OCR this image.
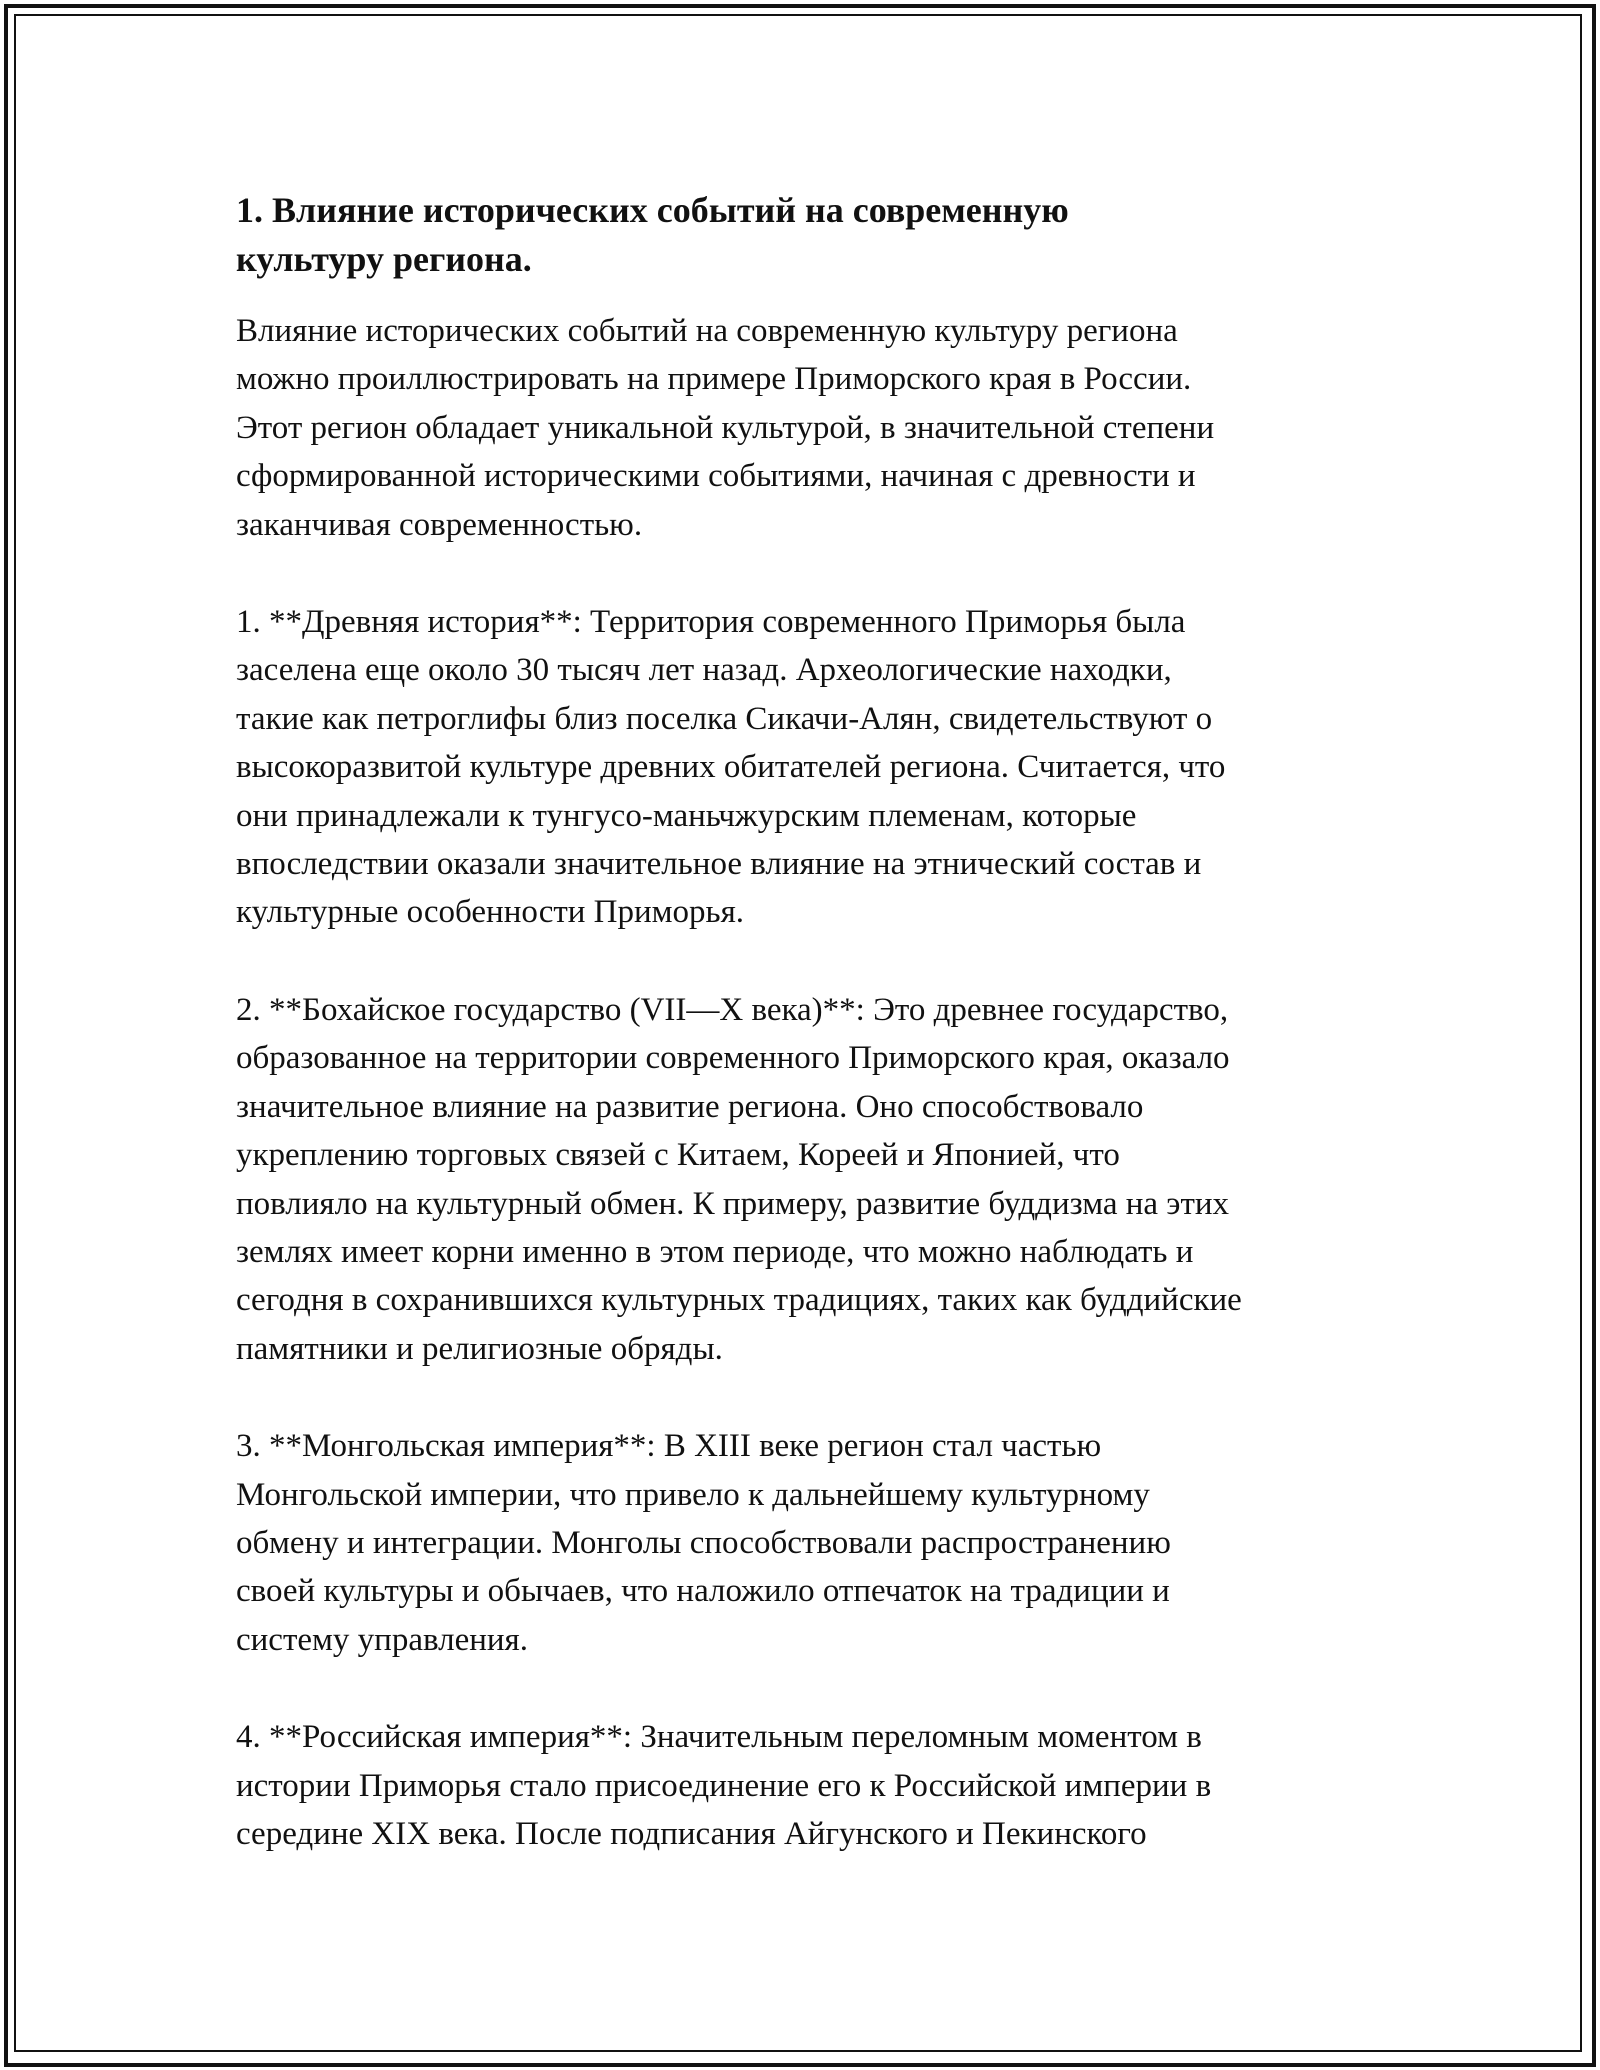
1. Влияние исторических событий на современную
культуру региона.

Влияние исторических событий на современную культуру региона
можно проиллюстрировать на примере Приморского края в России.
Этот регион обладает уникальной культурой, в значительной степени
сформированной историческими событиями, начиная с древности и
заканчивая современностью.

1. **Древняя история**: Территория современного Приморья была
заселена еще около 30 тысяч лет назад. Археологические находки,
такие как петроглифы близ поселка Сикачи-Алян, свидетельствуют о
высокоразвитой культуре древних обитателей региона. Считается, что
они принадлежали к тунгусо-маньчжурским племенам, которые
впоследствии оказали значительное влияние на этнический состав и
культурные особенности Приморья.

2. **Бохайское государство (VII—X века)**: Это древнее государство,
образованное на территории современного Приморского края, оказало
значительное влияние на развитие региона. Оно способствовало
укреплению торговых связей с Китаем, Кореей и Японией, что
повлияло на культурный обмен. К примеру, развитие буддизма на этих
землях имеет корни именно в этом периоде, что можно наблюдать и
сегодня в сохранившихся культурных традициях, таких как буддийские
памятники и религиозные обряды.

3. **Монгольская империя**: В XIII веке регион стал частью
Монгольской империи, что привело к дальнейшему культурному
обмену и интеграции. Монголы способствовали распространению
своей культуры и обычаев, что наложило отпечаток на традиции и
систему управления.

4. **Российская империя**: Значительным переломным моментом в
истории Приморья стало присоединение его к Российской империи в
середине XIX века. После подписания Айгунского и Пекинского
